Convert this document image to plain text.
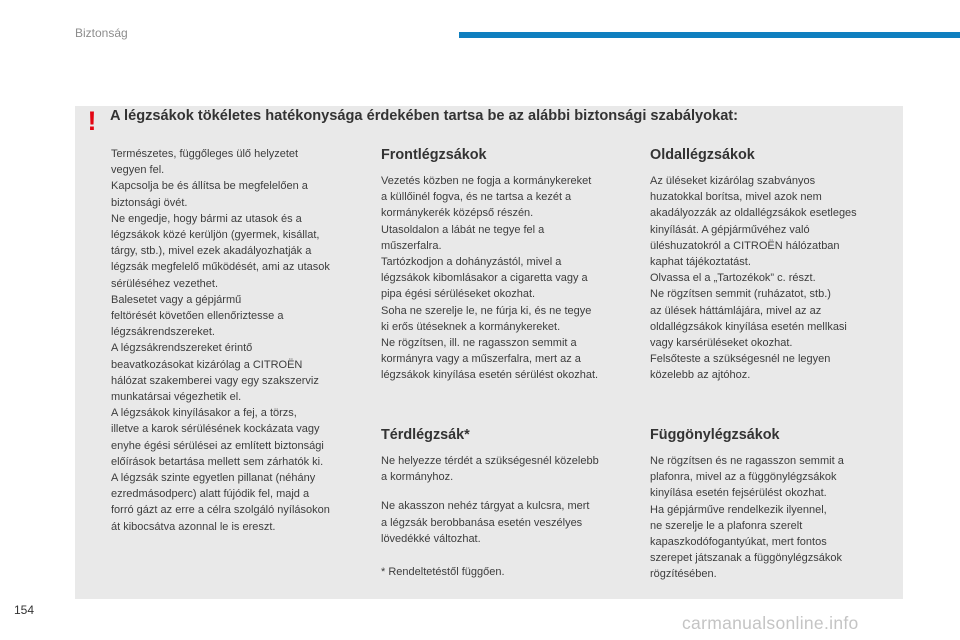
Biztonság
! A légzsákok tökéletes hatékonysága érdekében tartsa be az alábbi biztonsági szabályokat:

Természetes, függőleges ülő helyzetet
vegyen fel.
Kapcsolja be és állítsa be megfelelően a
biztonsági övét.
Ne engedje, hogy bármi az utasok és a
légzsákok közé kerüljön (gyermek, kisállat,
tárgy, stb.), mivel ezek akadályozhatják a
légzsák megfelelő működését, ami az utasok
sérüléséhez vezethet.
Balesetet vagy a gépjármű
feltörését követően ellenőriztesse a
légzsákrendszereket.
A légzsákrendszereket érintő
beavatkozásokat kizárólag a CITROËN
hálózat szakemberei vagy egy szakszerviz
munkatársai végezhetik el.
A légzsákok kinyílásakor a fej, a törzs,
illetve a karok sérülésének kockázata vagy
enyhe égési sérülései az említett biztonsági
előírások betartása mellett sem zárhatók ki.
A légzsák szinte egyetlen pillanat (néhány
ezredmásodperc) alatt fújódik fel, majd a
forró gázt az erre a célra szolgáló nyílásokon
át kibocsátva azonnal le is ereszt.

Frontlégzsákok

Vezetés közben ne fogja a kormánykereket
a küllőinél fogva, és ne tartsa a kezét a
kormánykerék középső részén.
Utasoldalon a lábát ne tegye fel a
műszerfalra.
Tartózkodjon a dohányzástól, mivel a
légzsákok kibomlásakor a cigaretta vagy a
pipa égési sérüléseket okozhat.
Soha ne szerelje le, ne fúrja ki, és ne tegye
ki erős ütéseknek a kormánykereket.
Ne rögzítsen, ill. ne ragasszon semmit a
kormányra vagy a műszerfalra, mert az a
légzsákok kinyílása esetén sérülést okozhat.

Térdlégzsák*

Ne helyezze térdét a szükségesnél közelebb
a kormányhoz.

Ne akasszon nehéz tárgyat a kulcsra, mert
a légzsák berobbanása esetén veszélyes
lövedékké változhat.

* Rendeltetéstől függően.

Oldallégzsákok

Az üléseket kizárólag szabványos
huzatokkal borítsa, mivel azok nem
akadályozzák az oldallégzsákok esetleges
kinyílását. A gépjárművéhez való
üléshuzatokról a CITROËN hálózatban
kaphat tájékoztatást.
Olvassa el a „Tartozékok” c. részt.
Ne rögzítsen semmit (ruházatot, stb.)
az ülések háttámlájára, mivel az az
oldallégzsákok kinyílása esetén mellkasi
vagy karsérüléseket okozhat.
Felsőteste a szükségesnél ne legyen
közelebb az ajtóhoz.

Függönylégzsákok

Ne rögzítsen és ne ragasszon semmit a
plafonra, mivel az a függönylégzsákok
kinyílása esetén fejsérülést okozhat.
Ha gépjárműve rendelkezik ilyennel,
ne szerelje le a plafonra szerelt
kapaszkodófogantyúkat, mert fontos
szerepet játszanak a függönylégzsákok
rögzítésében.

154
carmanualsonline.info
